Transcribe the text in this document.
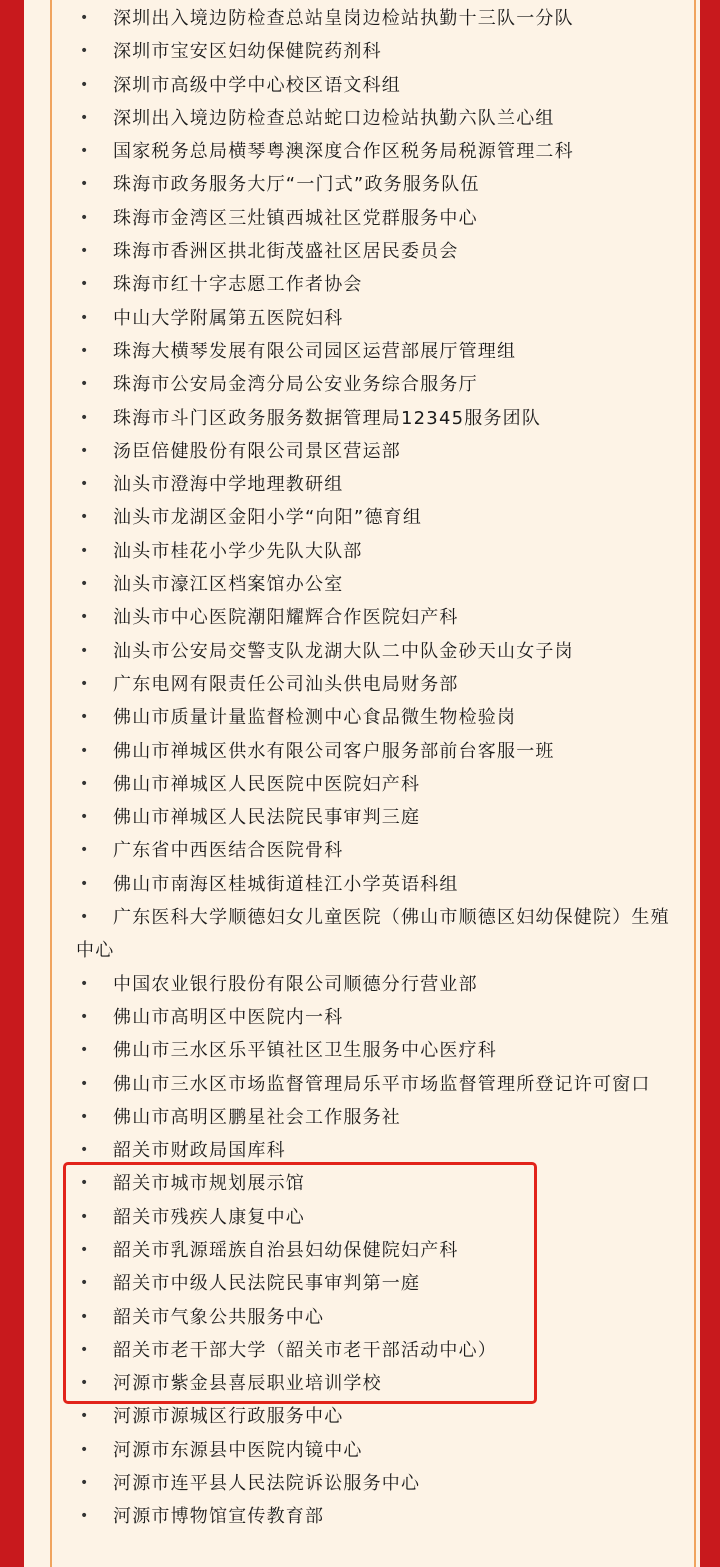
• 深圳出入境边防检查总站皇岗边检站执勤十三队一分队
• 深圳市宝安区妇幼保健院药剂科
• 深圳市高级中学中心校区语文科组
• 深圳出入境边防检查总站蛇口边检站执勤六队兰心组
• 国家税务总局横琴粤澳深度合作区税务局税源管理二科
• 珠海市政务服务大厅“一门式”政务服务队伍
• 珠海市金湾区三灶镇西城社区党群服务中心
• 珠海市香洲区拱北街茂盛社区居民委员会
• 珠海市红十字志愿工作者协会
• 中山大学附属第五医院妇科
• 珠海大横琴发展有限公司园区运营部展厅管理组
• 珠海市公安局金湾分局公安业务综合服务厅
• 珠海市斗门区政务服务数据管理局12345服务团队
• 汤臣倍健股份有限公司景区营运部
• 汕头市澄海中学地理教研组
• 汕头市龙湖区金阳小学“向阳”德育组
• 汕头市桂花小学少先队大队部
• 汕头市濠江区档案馆办公室
• 汕头市中心医院潮阳耀辉合作医院妇产科
• 汕头市公安局交警支队龙湖大队二中队金砂天山女子岗
• 广东电网有限责任公司汕头供电局财务部
• 佛山市质量计量监督检测中心食品微生物检验岗
• 佛山市禅城区供水有限公司客户服务部前台客服一班
• 佛山市禅城区人民医院中医院妇产科
• 佛山市禅城区人民法院民事审判三庭
• 广东省中西医结合医院骨科
• 佛山市南海区桂城街道桂江小学英语科组
• 广东医科大学顺德妇女儿童医院（佛山市顺德区妇幼保健院）生殖中心
• 中国农业银行股份有限公司顺德分行营业部
• 佛山市高明区中医院内一科
• 佛山市三水区乐平镇社区卫生服务中心医疗科
• 佛山市三水区市场监督管理局乐平市场监督管理所登记许可窗口
• 佛山市高明区鹏星社会工作服务社
• 韶关市财政局国库科
• 韶关市城市规划展示馆
• 韶关市残疾人康复中心
• 韶关市乳源瑶族自治县妇幼保健院妇产科
• 韶关市中级人民法院民事审判第一庭
• 韶关市气象公共服务中心
• 韶关市老干部大学（韶关市老干部活动中心）
• 河源市紫金县喜辰职业培训学校
• 河源市源城区行政服务中心
• 河源市东源县中医院内镜中心
• 河源市连平县人民法院诉讼服务中心
• 河源市博物馆宣传教育部
